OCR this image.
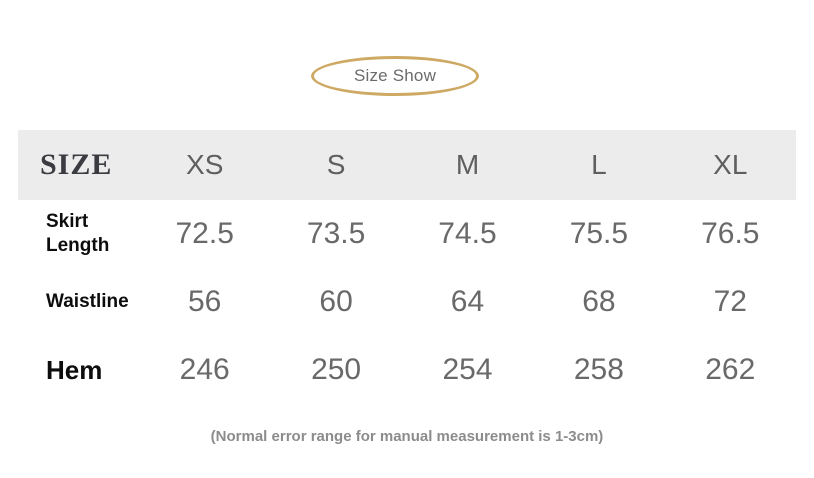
Size Show
SIZE	XS	S	M	L	XL
Skirt Length	72.5	73.5	74.5	75.5	76.5
Waistline	56	60	64	68	72
Hem	246	250	254	258	262
(Normal error range for manual measurement is 1-3cm)
